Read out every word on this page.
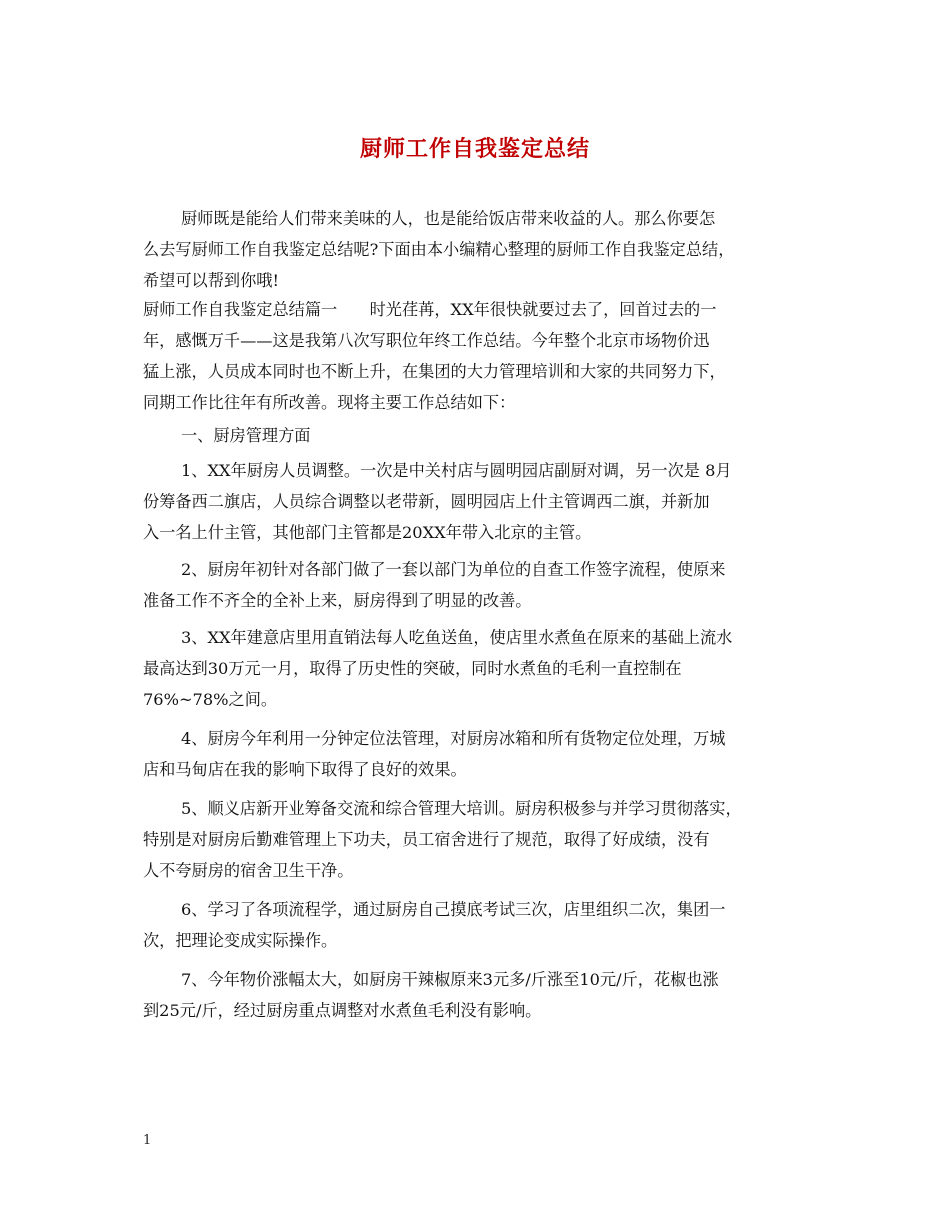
厨师工作自我鉴定总结
厨师既是能给人们带来美味的人，也是能给饭店带来收益的人。那么你要怎
么去写厨师工作自我鉴定总结呢?下面由本小编精心整理的厨师工作自我鉴定总结，
希望可以帮到你哦!
厨师工作自我鉴定总结篇一　　时光荏苒，XX年很快就要过去了，回首过去的一
年，感慨万千——这是我第八次写职位年终工作总结。今年整个北京市场物价迅
猛上涨，人员成本同时也不断上升，在集团的大力管理培训和大家的共同努力下，
同期工作比往年有所改善。现将主要工作总结如下：
一、厨房管理方面
1、XX年厨房人员调整。一次是中关村店与圆明园店副厨对调，另一次是 8月
份筹备西二旗店，人员综合调整以老带新，圆明园店上什主管调西二旗，并新加
入一名上什主管，其他部门主管都是20XX年带入北京的主管。
2、厨房年初针对各部门做了一套以部门为单位的自查工作签字流程，使原来
准备工作不齐全的全补上来，厨房得到了明显的改善。
3、XX年建意店里用直销法每人吃鱼送鱼，使店里水煮鱼在原来的基础上流水
最高达到30万元一月，取得了历史性的突破，同时水煮鱼的毛利一直控制在
76%~78%之间。
4、厨房今年利用一分钟定位法管理，对厨房冰箱和所有货物定位处理，万城
店和马甸店在我的影响下取得了良好的效果。
5、顺义店新开业筹备交流和综合管理大培训。厨房积极参与并学习贯彻落实，
特别是对厨房后勤难管理上下功夫，员工宿舍进行了规范，取得了好成绩，没有
人不夸厨房的宿舍卫生干净。
6、学习了各项流程学，通过厨房自己摸底考试三次，店里组织二次，集团一
次，把理论变成实际操作。
7、今年物价涨幅太大，如厨房干辣椒原来3元多/斤涨至10元/斤，花椒也涨
到25元/斤，经过厨房重点调整对水煮鱼毛利没有影响。
1
